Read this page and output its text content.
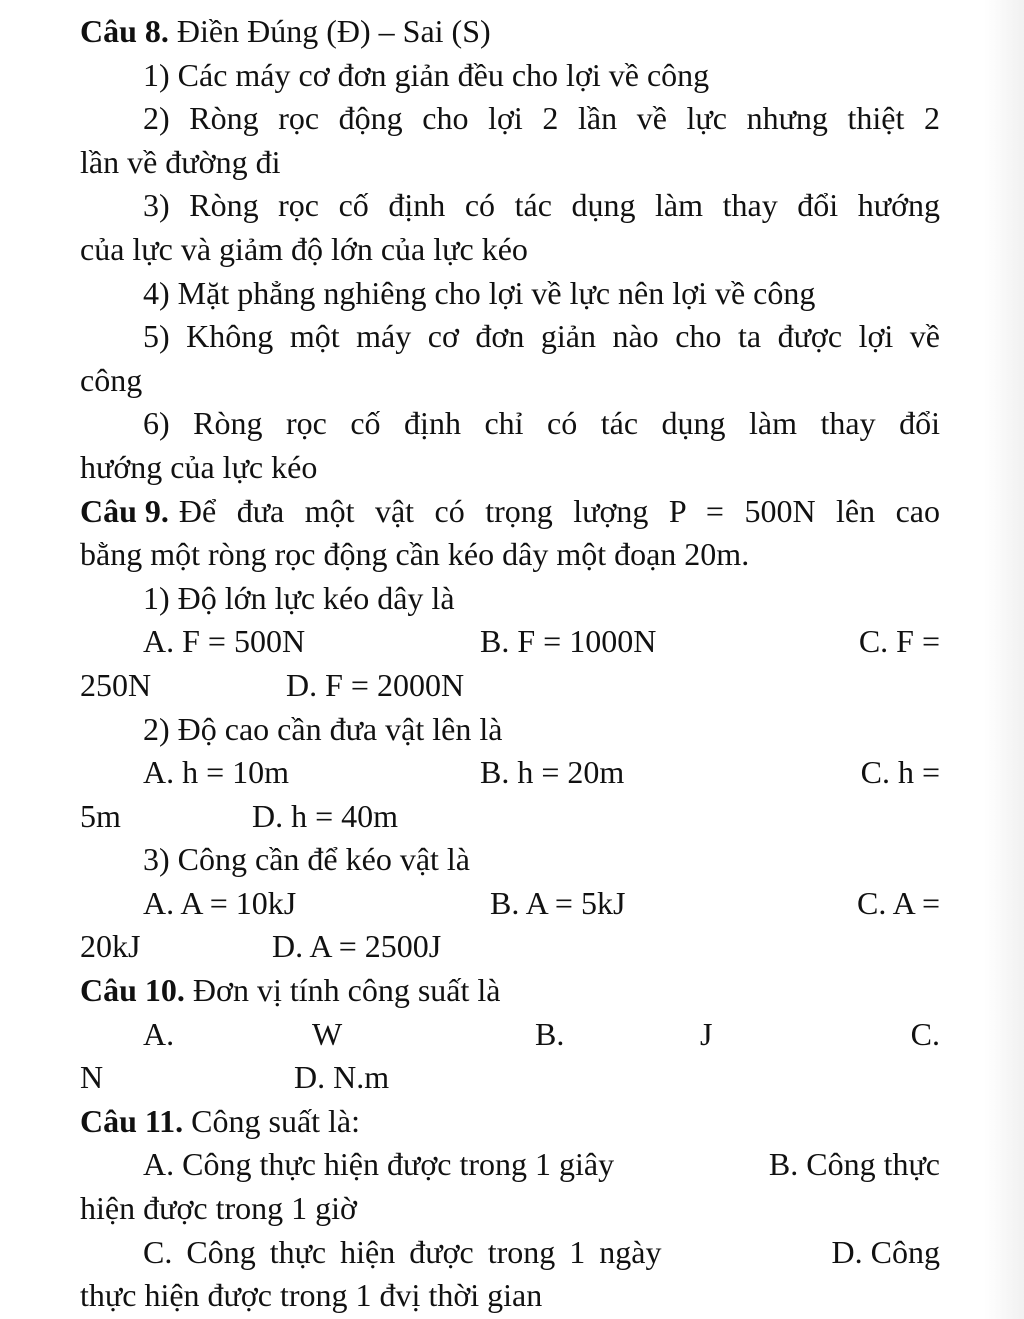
Câu 8. Điền Đúng (Đ) – Sai (S)
1) Các máy cơ đơn giản đều cho lợi về công
2) Ròng rọc động cho lợi 2 lần về lực nhưng thiệt 2
lần về đường đi
3) Ròng rọc cố định có tác dụng làm thay đổi hướng
của lực và giảm độ lớn của lực kéo
4) Mặt phẳng nghiêng cho lợi về lực nên lợi về công
5) Không một máy cơ đơn giản nào cho ta được lợi về
công
6) Ròng rọc cố định chỉ có tác dụng làm thay đổi
hướng của lực kéo
Câu 9. Để đưa một vật có trọng lượng P = 500N lên cao
bằng một ròng rọc động cần kéo dây một đoạn 20m.
1) Độ lớn lực kéo dây là
A. F = 500N	B. F = 1000N	C. F =
250N	D. F = 2000N
2) Độ cao cần đưa vật lên là
A. h = 10m	B. h = 20m	C. h =
5m	D. h = 40m
3) Công cần để kéo vật là
A. A = 10kJ	B. A = 5kJ	C. A =
20kJ	D. A = 2500J
Câu 10. Đơn vị tính công suất là
A.	W	B.	J	C.
N	D. N.m
Câu 11. Công suất là:
A. Công thực hiện được trong 1 giây	B. Công thực
hiện được trong 1 giờ
C. Công thực hiện được trong 1 ngày	D. Công
thực hiện được trong 1 đvị thời gian
